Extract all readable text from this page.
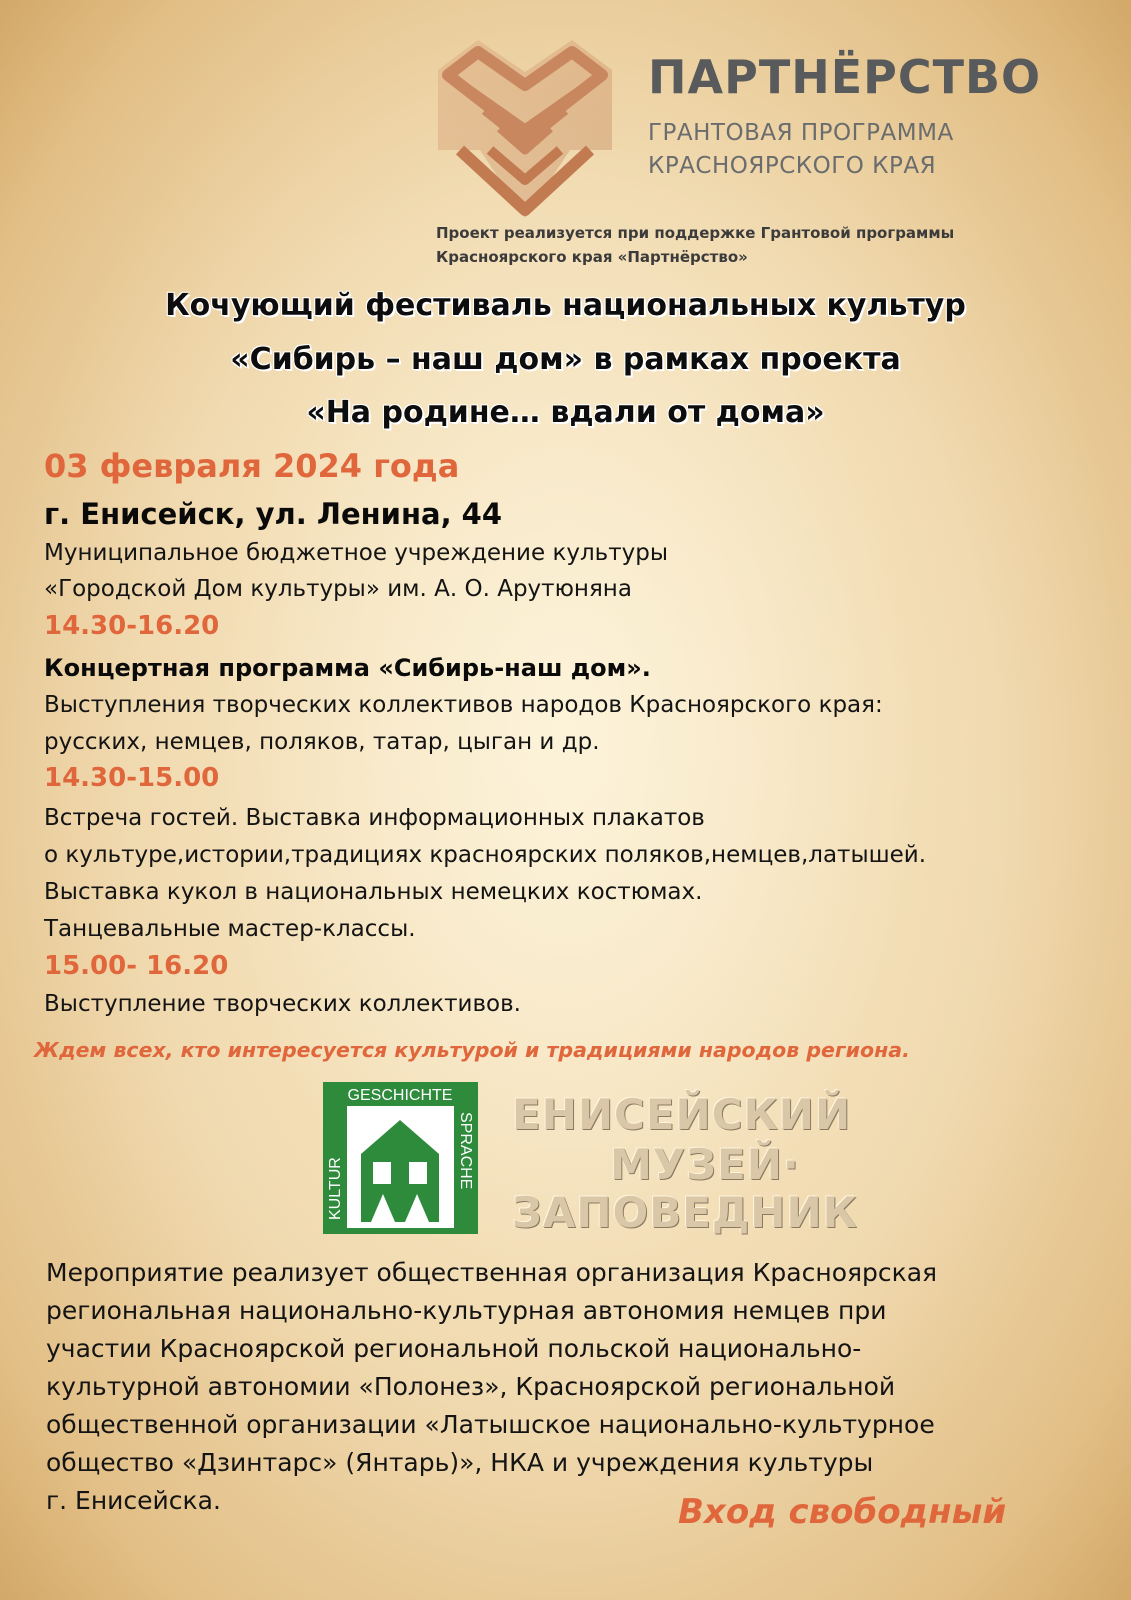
ПАРТНЁРСТВО
ГРАНТОВАЯ ПРОГРАММА
КРАСНОЯРСКОГО КРАЯ
Проект реализуется при поддержке Грантовой программы
Красноярского края «Партнёрство»
Кочующий фестиваль национальных культур
«Сибирь – наш дом» в рамках проекта
«На родине… вдали от дома»
03 февраля 2024 года
г. Енисейск, ул. Ленина, 44
Муниципальное бюджетное учреждение культуры
«Городской Дом культуры» им. А. О. Арутюняна
14.30-16.20
Концертная программа «Сибирь-наш дом».
Выступления творческих коллективов народов Красноярского края:
русских, немцев, поляков, татар, цыган и др.
14.30-15.00
Встреча гостей. Выставка информационных плакатов
о культуре,истории,традициях красноярских поляков,немцев,латышей.
Выставка кукол в национальных немецких костюмах.
Танцевальные мастер-классы.
15.00- 16.20
Выступление творческих коллективов.
Ждем всех, кто интересуется культурой и традициями народов региона.
GESCHICHTE
KULTUR	SPRACHE ЕНИСЕЙСКИЙ
МУЗЕЙ·
ЗАПОВЕДНИК
Мероприятие реализует общественная организация Красноярская
региональная национально-культурная автономия немцев при
участии Красноярской региональной польской национально-
культурной автономии «Полонез», Красноярской региональной
общественной организации «Латышское национально-культурное
общество «Дзинтарс» (Янтарь)», НКА и учреждения культуры
г. Енисейска.	Вход свободный
